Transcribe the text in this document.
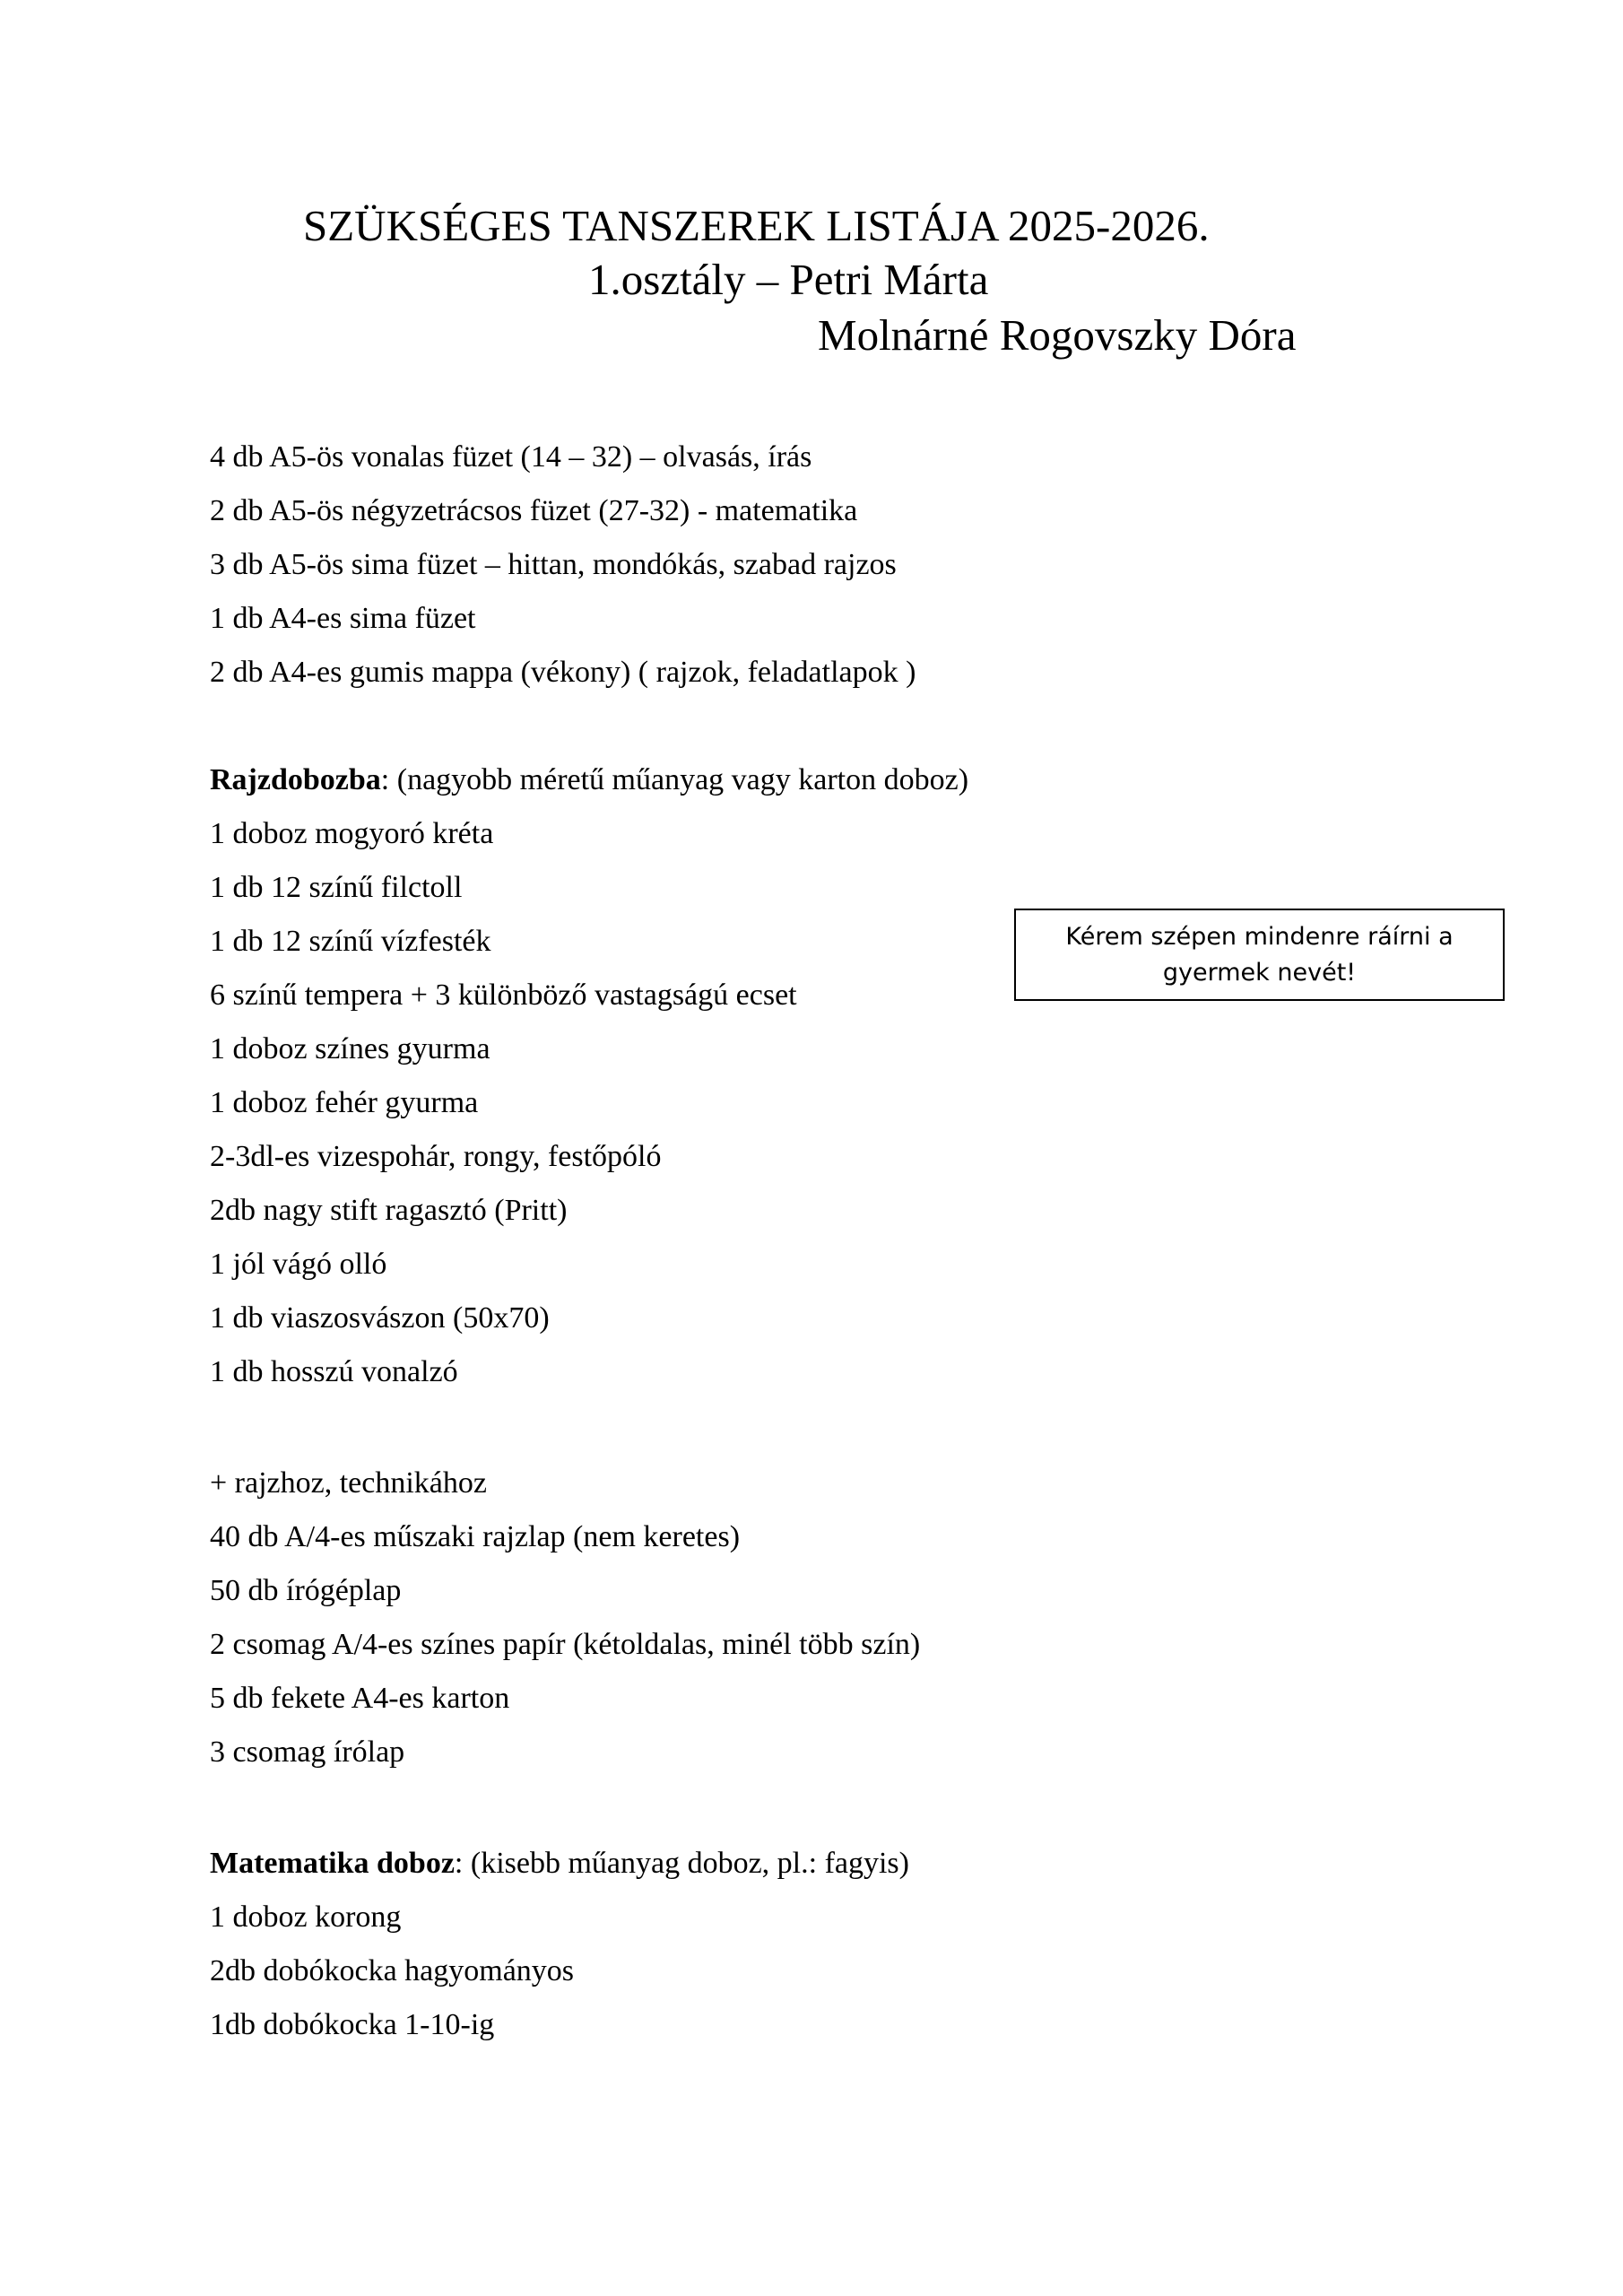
SZÜKSÉGES TANSZEREK LISTÁJA 2025-2026.
1.osztály – Petri Márta
Molnárné Rogovszky Dóra

4 db A5-ös vonalas füzet (14 – 32) – olvasás, írás

2 db A5-ös négyzetrácsos füzet (27-32) - matematika

3 db A5-ös sima füzet – hittan, mondókás, szabad rajzos

1 db A4-es sima füzet

2 db A4-es gumis mappa (vékony) ( rajzok, feladatlapok )

Rajzdobozba: (nagyobb méretű műanyag vagy karton doboz)

1 doboz mogyoró kréta

1 db 12 színű filctoll

1 db 12 színű vízfesték

6 színű tempera + 3 különböző vastagságú ecset

1 doboz színes gyurma

1 doboz fehér gyurma

2-3dl-es vizespohár, rongy, festőpóló

2db nagy stift ragasztó (Pritt)

1 jól vágó olló

1 db viaszosvászon (50x70)

1 db hosszú vonalzó

+ rajzhoz, technikához

40 db A/4-es műszaki rajzlap (nem keretes)

50 db írógéplap

2 csomag A/4-es színes papír (kétoldalas, minél több szín)

5 db fekete A4-es karton

3 csomag írólap

Matematika doboz: (kisebb műanyag doboz, pl.: fagyis)

1 doboz korong

2db dobókocka hagyományos

1db dobókocka 1-10-ig

Kérem szépen mindenre ráírni a
gyermek nevét!
